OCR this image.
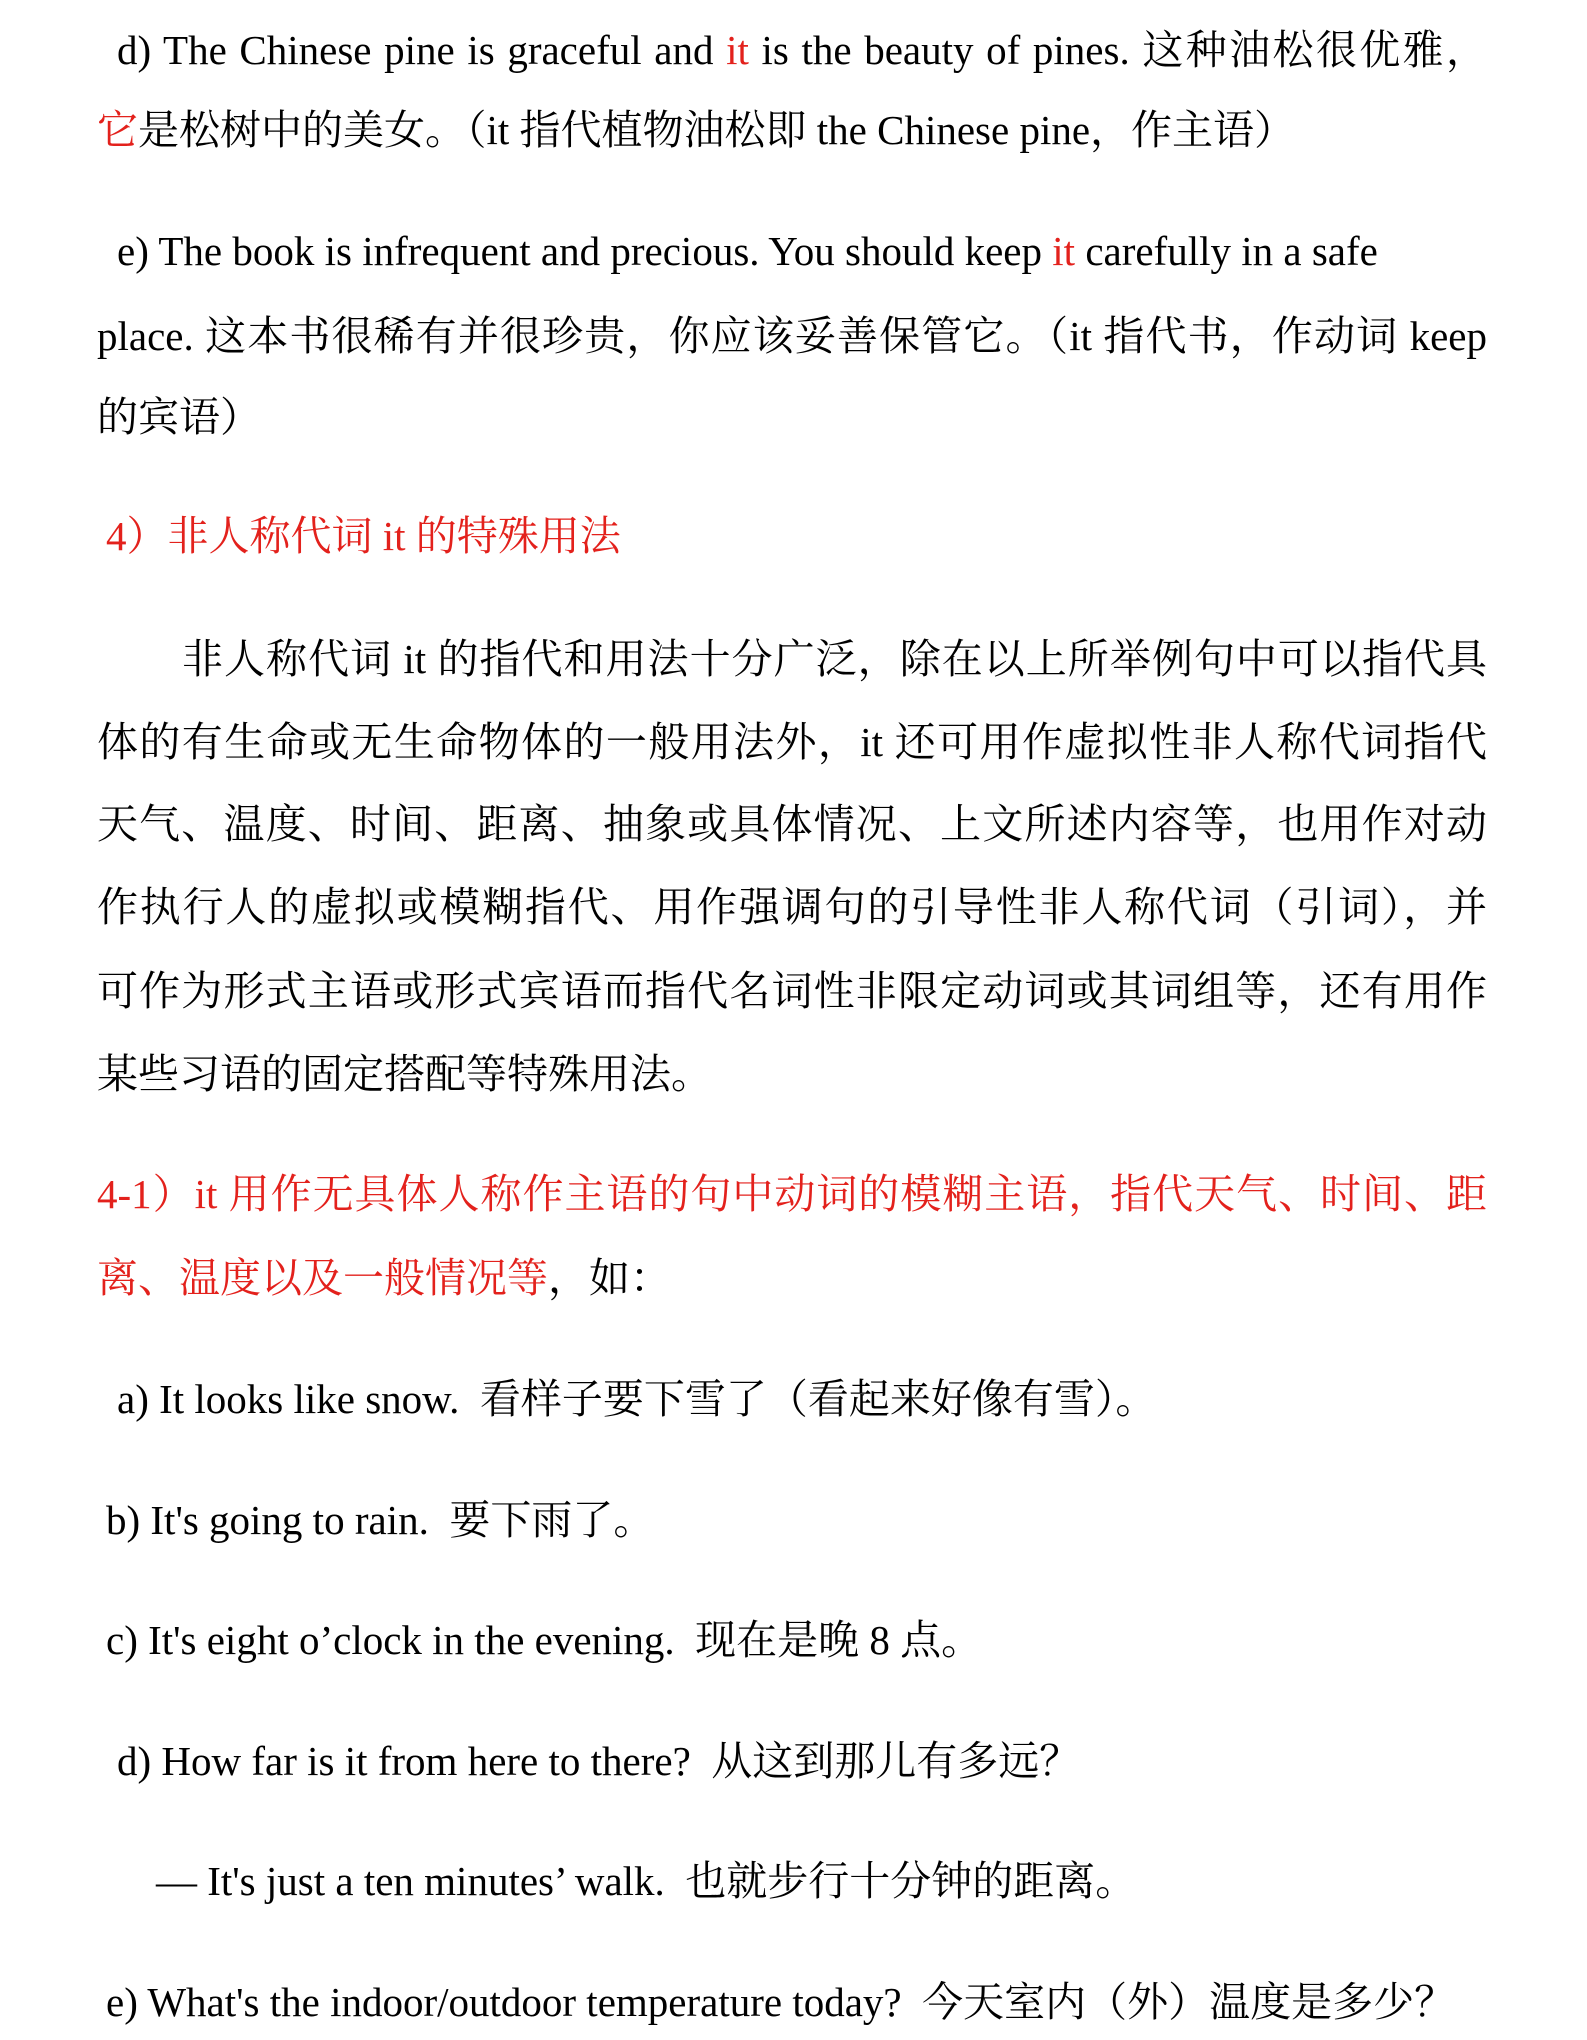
d) The Chinese pine is graceful and it is the beauty of pines. 这种油松很优雅，
它是松树中的美女。（it 指代植物油松即 the Chinese pine，作主语）
e) The book is infrequent and precious. You should keep it carefully in a safe
place. 这本书很稀有并很珍贵，你应该妥善保管它。（it 指代书，作动词 keep
的宾语）
4）非人称代词 it 的特殊用法
非人称代词 it 的指代和用法十分广泛，除在以上所举例句中可以指代具
体的有生命或无生命物体的一般用法外，it 还可用作虚拟性非人称代词指代
天气、温度、时间、距离、抽象或具体情况、上文所述内容等，也用作对动
作执行人的虚拟或模糊指代、用作强调句的引导性非人称代词（引词），并
可作为形式主语或形式宾语而指代名词性非限定动词或其词组等，还有用作
某些习语的固定搭配等特殊用法。
4-1）it 用作无具体人称作主语的句中动词的模糊主语，指代天气、时间、距
离、温度以及一般情况等，如：
a) It looks like snow.  看样子要下雪了（看起来好像有雪）。
b) It's going to rain.  要下雨了。
c) It's eight o’clock in the evening.  现在是晚 8 点。
d) How far is it from here to there?  从这到那儿有多远？
— It's just a ten minutes’ walk.  也就步行十分钟的距离。
e) What's the indoor/outdoor temperature today?  今天室内（外）温度是多少？
